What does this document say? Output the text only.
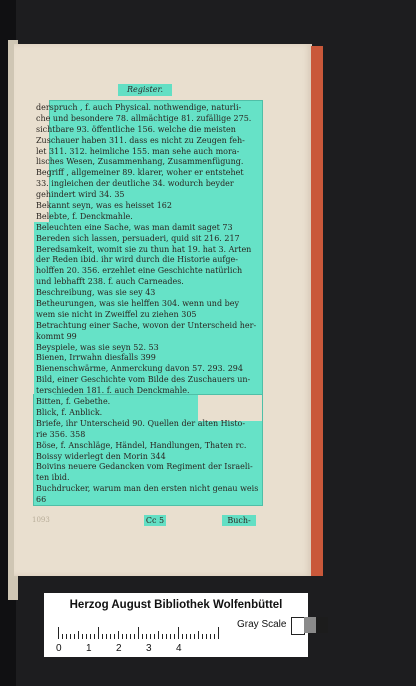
Register.
derspruch , f. auch Physical. nothwendige, naturli-
che und besondere 78. allmächtige 81. zufällige 275.
sichtbare 93. öffentliche 156. welche die meisten
Zuschauer haben 311. dass es nicht zu Zeugen feh-
let 311. 312. heimliche 155. man sehe auch mora-
lisches Wesen, Zusammenhang, Zusammenfügung.
Begriff , allgemeiner 89. klarer, woher er entstehet
33. ingleichen der deutliche 34. wodurch beyder
gehindert wird 34. 35
Bekannt seyn, was es heisset 162
Belebte, f. Denckmahle.
Beleuchten eine Sache, was man damit saget 73
Bereden sich lassen, persuaderi, quid sit 216. 217
Beredsamkeit, womit sie zu thun hat 19. hat 3. Arten
der Reden ibid. ihr wird durch die Historie aufge-
holffen 20. 356. erzehlet eine Geschichte natürlich
und lebhafft 238. f. auch Carneades.
Beschreibung, was sie sey 43
Betheurungen, was sie helffen 304. wenn und bey
wem sie nicht in Zweiffel zu ziehen 305
Betrachtung einer Sache, wovon der Unterscheid her-
kommt 99
Beyspiele, was sie seyn 52. 53
Bienen, Irrwahn diesfalls 399
Bienenschwärme, Anmerckung davon 57. 293. 294
Bild, einer Geschichte vom Bilde des Zuschauers un-
terschieden 181. f. auch Denckmahle.
Bitten, f. Gebethe.
Blick, f. Anblick.
Briefe, ihr Unterscheid 90. Quellen der alten Histo-
rie 356. 358
Böse, f. Anschläge, Händel, Handlungen, Thaten rc.
Boissy widerlegt den Morin 344
Boivins neuere Gedancken vom Regiment der Israeli-
ten ibid.
Buchdrucker, warum man den ersten nicht genau weis
66
Cc 5	Buch-
1093
Herzog August Bibliothek Wolfenbüttel
0 1 2 3 4
Gray Scale
